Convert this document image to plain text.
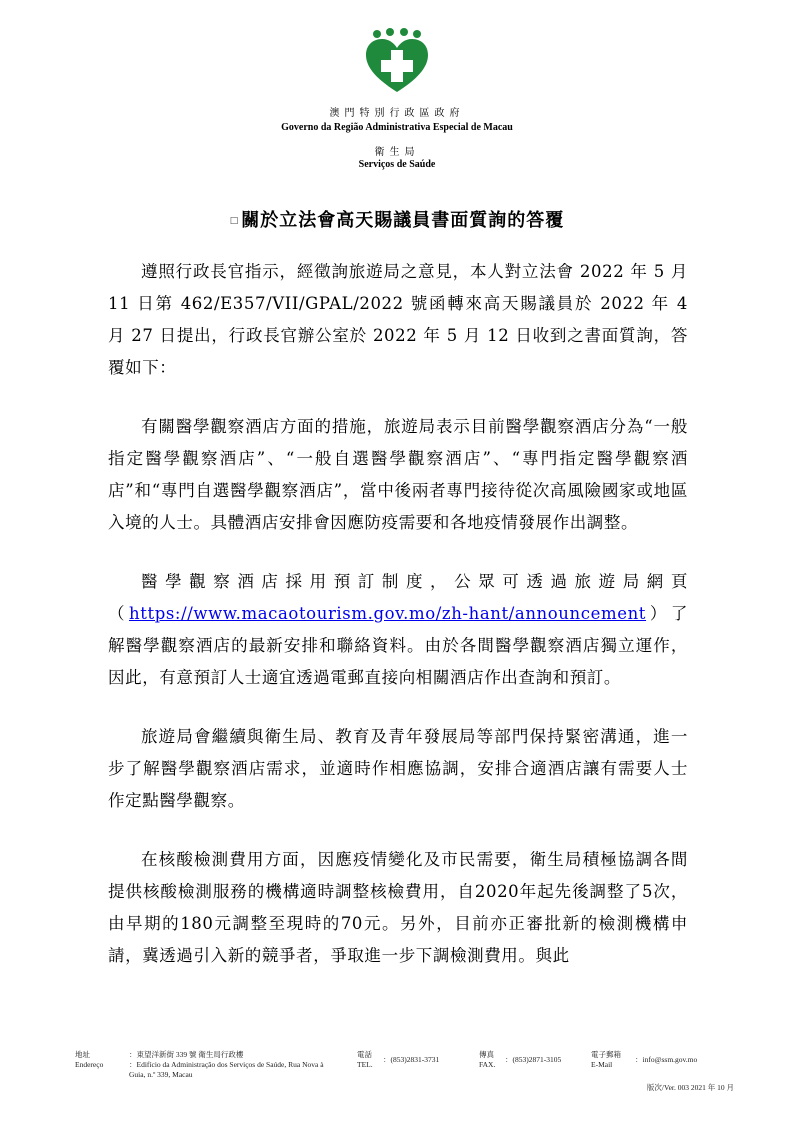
澳門特別行政區政府
Governo da Região Administrativa Especial de Macau
衛生局
Serviços de Saúde
□ 關於立法會高天賜議員書面質詢的答覆

遵照行政長官指示，經徵詢旅遊局之意見，本人對立法會 2022 年 5 月 11 日第 462/E357/VII/GPAL/2022 號函轉來高天賜議員於 2022 年 4 月 27 日提出，行政長官辦公室於 2022 年 5 月 12 日收到之書面質詢，答覆如下：

有關醫學觀察酒店方面的措施，旅遊局表示目前醫學觀察酒店分為“一般指定醫學觀察酒店”、“一般自選醫學觀察酒店”、“專門指定醫學觀察酒店”和“專門自選醫學觀察酒店”，當中後兩者專門接待從次高風險國家或地區入境的人士。具體酒店安排會因應防疫需要和各地疫情發展作出調整。

醫學觀察酒店採用預訂制度，公眾可透過旅遊局網頁（https://www.macaotourism.gov.mo/zh-hant/announcement）了解醫學觀察酒店的最新安排和聯絡資料。由於各間醫學觀察酒店獨立運作，因此，有意預訂人士適宜透過電郵直接向相關酒店作出查詢和預訂。

旅遊局會繼續與衛生局、教育及青年發展局等部門保持緊密溝通，進一步了解醫學觀察酒店需求，並適時作相應協調，安排合適酒店讓有需要人士作定點醫學觀察。

在核酸檢測費用方面，因應疫情變化及市民需要，衛生局積極協調各間提供核酸檢測服務的機構適時調整核檢費用，自2020年起先後調整了5次，由早期的180元調整至現時的70元。另外，目前亦正審批新的檢測機構申請，冀透過引入新的競爭者，爭取進一步下調檢測費用。與此

地址
Endereço
：東望洋新街 339 號 衛生局行政樓
：Edifício da Administração dos Serviços de Saúde, Rua Nova à Guia, n.º 339, Macau
電話
TEL.
：(853)2831-3731
傳真
FAX.
：(853)2871-3105
電子郵箱
E-Mail
：info@ssm.gov.mo
版次/Ver. 003 2021 年 10 月
